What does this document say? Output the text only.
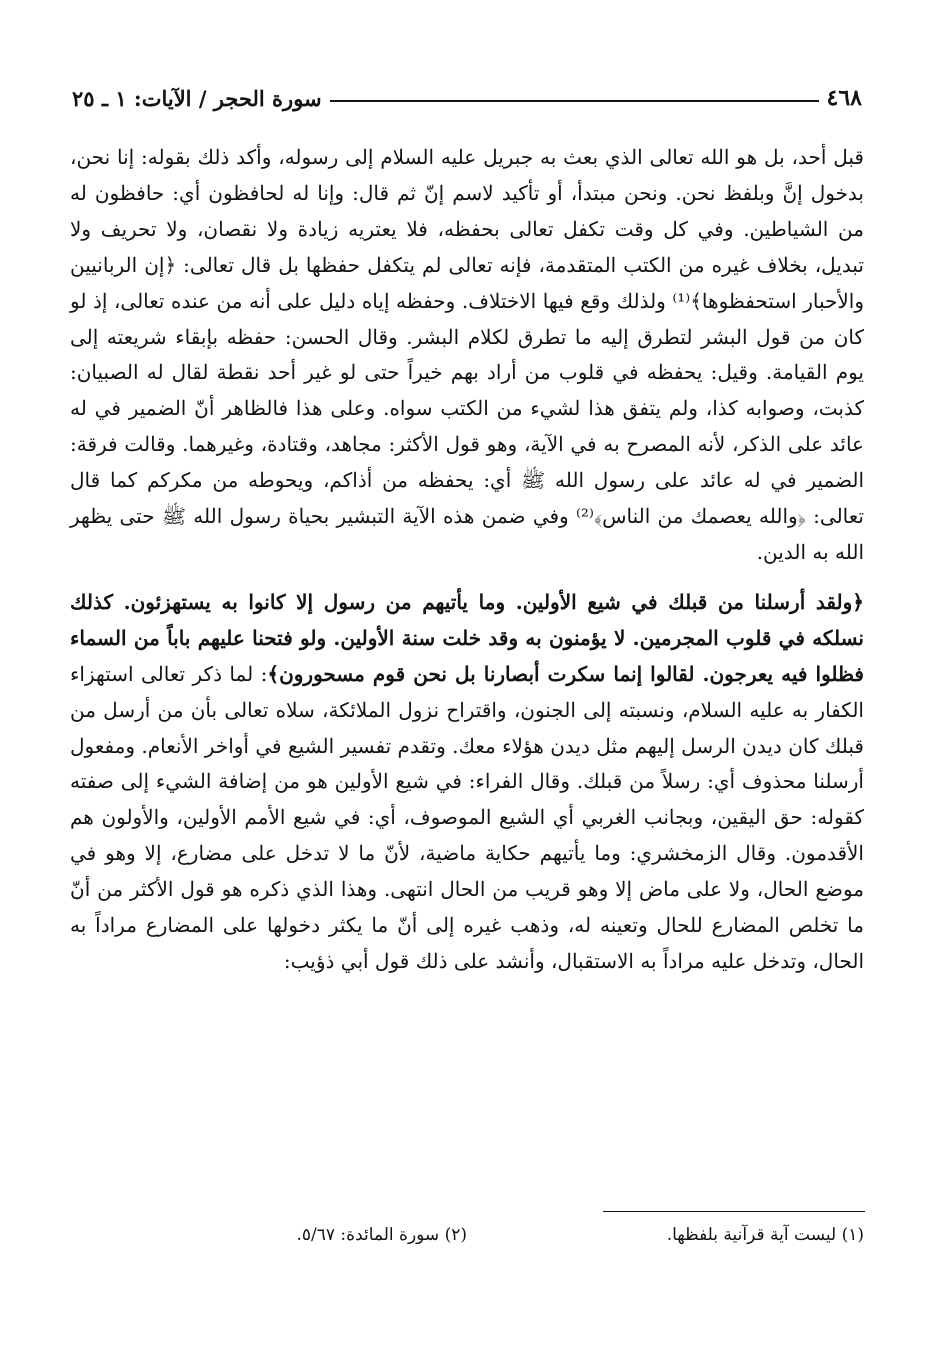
٤٦٨
سورة الحجر / الآيات: ١ ـ ٢٥

قبل أحد، بل هو الله تعالى الذي بعث به جبريل عليه السلام إلى رسوله، وأكد ذلك بقوله: إنا نحن، بدخول إنَّ وبلفظ نحن. ونحن مبتدأ، أو تأكيد لاسم إنّ ثم قال: وإنا له لحافظون أي: حافظون له من الشياطين. وفي كل وقت تكفل تعالى بحفظه، فلا يعتريه زيادة ولا نقصان، ولا تحريف ولا تبديل، بخلاف غيره من الكتب المتقدمة، فإنه تعالى لم يتكفل حفظها بل قال تعالى: ﴿إن الربانيين والأحبار استحفظوها﴾⁽¹⁾ ولذلك وقع فيها الاختلاف. وحفظه إياه دليل على أنه من عنده تعالى، إذ لو كان من قول البشر لتطرق إليه ما تطرق لكلام البشر. وقال الحسن: حفظه بإبقاء شريعته إلى يوم القيامة. وقيل: يحفظه في قلوب من أراد بهم خيراً حتى لو غير أحد نقطة لقال له الصبيان: كذبت، وصوابه كذا، ولم يتفق هذا لشيء من الكتب سواه. وعلى هذا فالظاهر أنّ الضمير في له عائد على الذكر، لأنه المصرح به في الآية، وهو قول الأكثر: مجاهد، وقتادة، وغيرهما. وقالت فرقة: الضمير في له عائد على رسول الله ﷺ أي: يحفظه من أذاكم، ويحوطه من مكركم كما قال تعالى: ﴿والله يعصمك من الناس﴾⁽²⁾ وفي ضمن هذه الآية التبشير بحياة رسول الله ﷺ حتى يظهر الله به الدين.

﴿ولقد أرسلنا من قبلك في شيع الأولين. وما يأتيهم من رسول إلا كانوا به يستهزئون. كذلك نسلكه في قلوب المجرمين. لا يؤمنون به وقد خلت سنة الأولين. ولو فتحنا عليهم باباً من السماء فظلوا فيه يعرجون. لقالوا إنما سكرت أبصارنا بل نحن قوم مسحورون﴾: لما ذكر تعالى استهزاء الكفار به عليه السلام، ونسبته إلى الجنون، واقتراح نزول الملائكة، سلاه تعالى بأن من أرسل من قبلك كان ديدن الرسل إليهم مثل ديدن هؤلاء معك. وتقدم تفسير الشيع في أواخر الأنعام. ومفعول أرسلنا محذوف أي: رسلاً من قبلك. وقال الفراء: في شيع الأولين هو من إضافة الشيء إلى صفته كقوله: حق اليقين، وبجانب الغربي أي الشيع الموصوف، أي: في شيع الأمم الأولين، والأولون هم الأقدمون. وقال الزمخشري: وما يأتيهم حكاية ماضية، لأنّ ما لا تدخل على مضارع، إلا وهو في موضع الحال، ولا على ماض إلا وهو قريب من الحال انتهى. وهذا الذي ذكره هو قول الأكثر من أنّ ما تخلص المضارع للحال وتعينه له، وذهب غيره إلى أنّ ما يكثر دخولها على المضارع مراداً به الحال، وتدخل عليه مراداً به الاستقبال، وأنشد على ذلك قول أبي ذؤيب:

(١) ليست آية قرآنية بلفظها.
(٢) سورة المائدة: ٥/٦٧.
